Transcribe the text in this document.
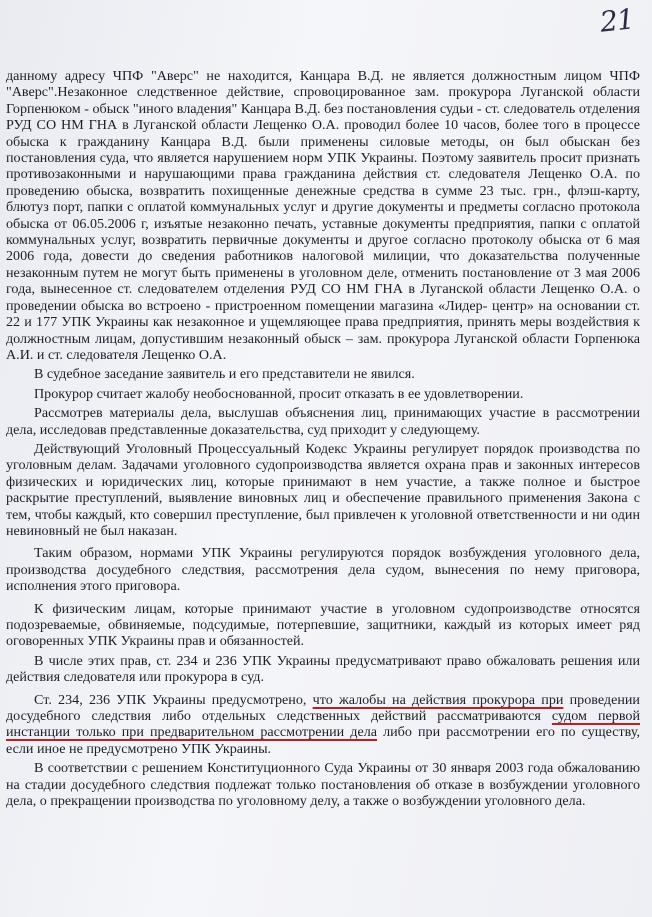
21

данному адресу ЧПФ "Аверс" не находится, Канцара В.Д. не является должностным лицом ЧПФ "Аверс".Незаконное следственное действие, спровоцированное зам. прокурора Луганской области Горпенюком - обыск "иного владения" Канцара В.Д. без постановления судьи - ст. следователь отделения РУД СО НМ ГНА в Луганской области Лещенко О.А. проводил более 10 часов, более того в процессе обыска к гражданину Канцара В.Д. были применены силовые методы, он был обыскан без постановления суда, что является нарушением норм УПК Украины. Поэтому заявитель просит признать противозаконными и нарушающими права гражданина действия ст. следователя Лещенко О.А. по проведению обыска, возвратить похищенные денежные средства в сумме 23 тыс. грн., флэш-карту, блютуз порт, папки с оплатой коммунальных услуг и другие документы и предметы согласно протокола обыска от 06.05.2006 г, изъятые незаконно печать, уставные документы предприятия, папки с оплатой коммунальных услуг, возвратить первичные документы и другое согласно протоколу обыска от 6 мая 2006 года, довести до сведения работников налоговой милиции, что доказательства полученные незаконным путем не могут быть применены в уголовном деле, отменить постановление от 3 мая 2006 года, вынесенное ст. следователем отделения РУД СО НМ ГНА в Луганской области Лещенко О.А. о проведении обыска во встроено - пристроенном помещении магазина «Лидер- центр» на основании ст. 22 и 177 УПК Украины как незаконное и ущемляющее права предприятия, принять меры воздействия к должностным лицам, допустившим незаконный обыск – зам. прокурора Луганской области Горпенюка А.И. и ст. следователя Лещенко О.А.

В судебное заседание заявитель и его представители не явился.

Прокурор считает жалобу необоснованной, просит отказать в ее удовлетворении.

Рассмотрев материалы дела, выслушав объяснения лиц, принимающих участие в рассмотрении дела, исследовав представленные доказательства, суд приходит у следующему.

Действующий Уголовный Процессуальный Кодекс Украины регулирует порядок производства по уголовным делам. Задачами уголовного судопроизводства является охрана прав и законных интересов физических и юридических лиц, которые принимают в нем участие, а также полное и быстрое раскрытие преступлений, выявление виновных лиц и обеспечение правильного применения Закона с тем, чтобы каждый, кто совершил преступление, был привлечен к уголовной ответственности и ни один невиновный не был наказан.

Таким образом, нормами УПК Украины регулируются порядок возбуждения уголовного дела, производства досудебного следствия, рассмотрения дела судом, вынесения по нему приговора, исполнения этого приговора.

К физическим лицам, которые принимают участие в уголовном судопроизводстве относятся подозреваемые, обвиняемые, подсудимые, потерпевшие, защитники, каждый из которых имеет ряд оговоренных УПК Украины прав и обязанностей.

В числе этих прав, ст. 234 и 236 УПК Украины предусматривают право обжаловать решения или действия следователя или прокурора в суд.

Ст. 234, 236 УПК Украины предусмотрено, что жалобы на действия прокурора при проведении досудебного следствия либо отдельных следственных действий рассматриваются судом первой инстанции только при предварительном рассмотрении дела либо при рассмотрении его по существу, если иное не предусмотрено УПК Украины.

В соответствии с решением Конституционного Суда Украины от 30 января 2003 года обжалованию на стадии досудебного следствия подлежат только постановления об отказе в возбуждении уголовного дела, о прекращении производства по уголовному делу, а также о возбуждении уголовного дела.
